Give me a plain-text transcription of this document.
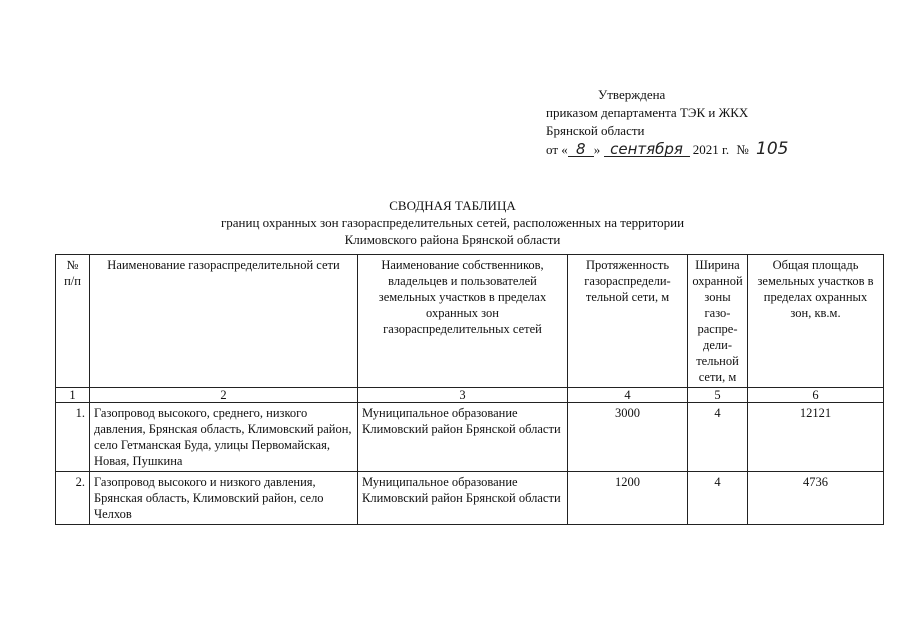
Утверждена
приказом департамента ТЭК и ЖКХ
Брянской области
от « 8 » сентября 2021 г. № 105
СВОДНАЯ ТАБЛИЦА
границ охранных зон газораспределительных сетей, расположенных на территории
Климовского района Брянской области
№ п/п	Наименование газораспределительной сети	Наименование собственников, владельцев и пользователей земельных участков в пределах охранных зон газораспределительных сетей	Протяженность газораспредели-тельной сети, м	Ширина охранной зоны газо-распре-дели-тельной сети, м	Общая площадь земельных участков в пределах охранных зон, кв.м.
1	2	3	4	5	6
1.	Газопровод высокого, среднего, низкого давления, Брянская область, Климовский район, село Гетманская Буда, улицы Первомайская, Новая, Пушкина	Муниципальное образование Климовский район Брянской области	3000	4	12121
2.	Газопровод высокого и низкого давления, Брянская область, Климовский район, село Челхов	Муниципальное образование Климовский район Брянской области	1200	4	4736
